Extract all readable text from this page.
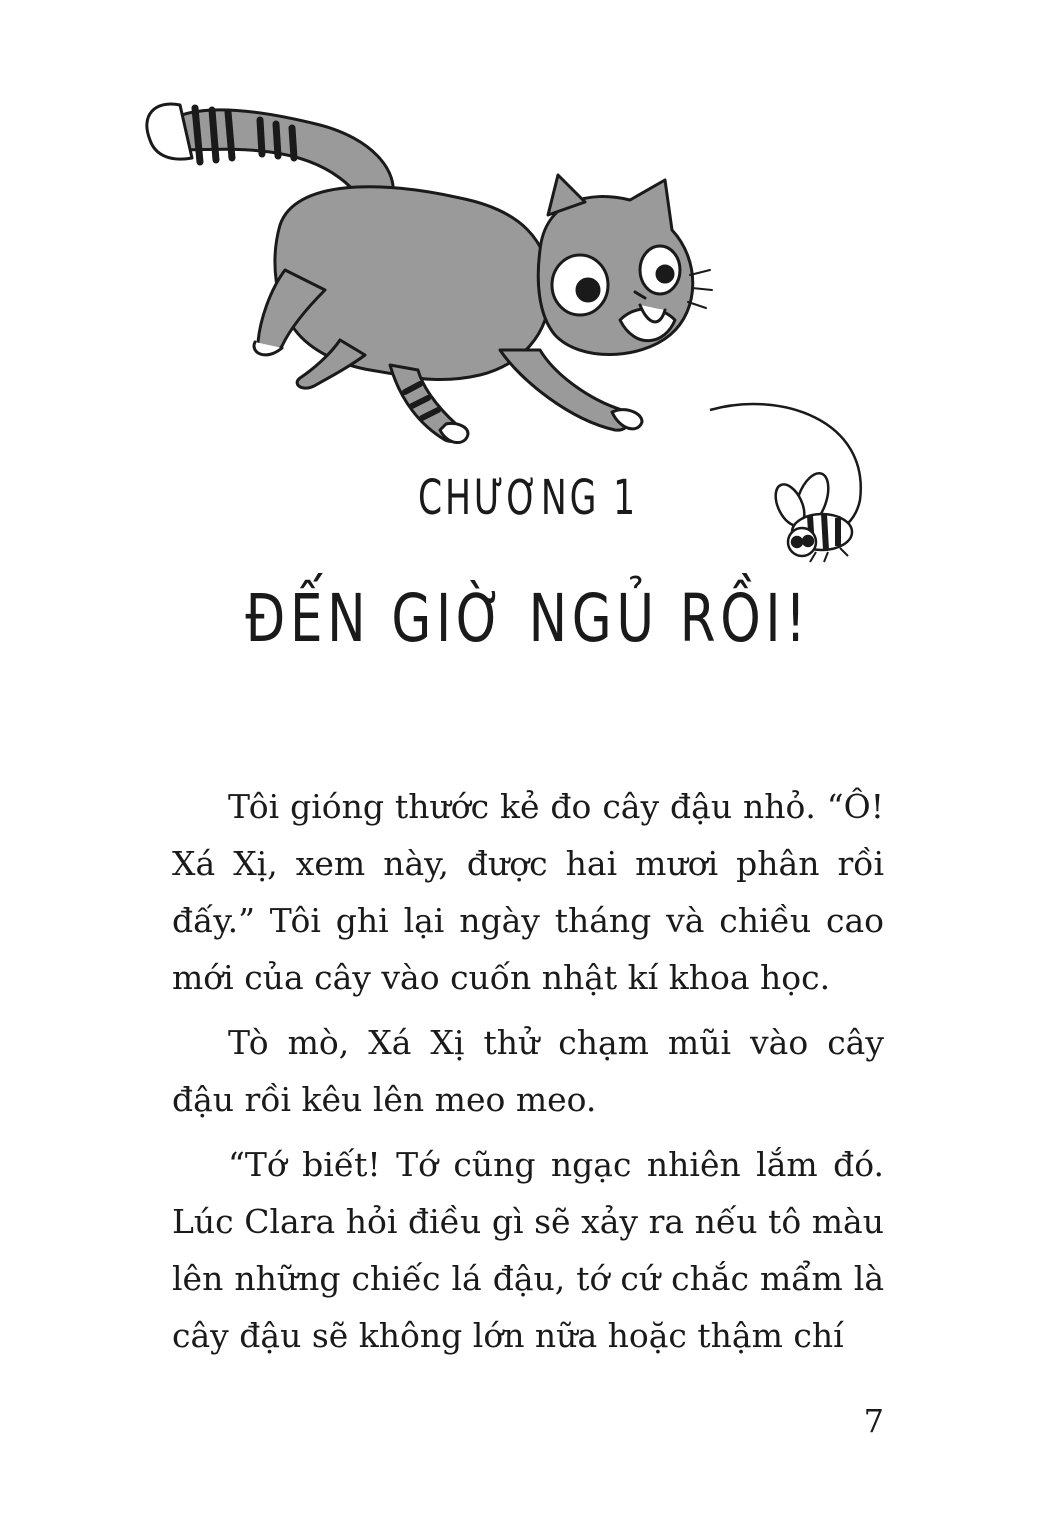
CHƯƠNG 1
ĐẾN GIỜ NGỦ RỒI!

Tôi gióng thước kẻ đo cây đậu nhỏ. “Ô! Xá Xị, xem này, được hai mươi phân rồi đấy.” Tôi ghi lại ngày tháng và chiều cao mới của cây vào cuốn nhật kí khoa học.

Tò mò, Xá Xị thử chạm mũi vào cây đậu rồi kêu lên meo meo.

“Tớ biết! Tớ cũng ngạc nhiên lắm đó. Lúc Clara hỏi điều gì sẽ xảy ra nếu tô màu lên những chiếc lá đậu, tớ cứ chắc mẩm là cây đậu sẽ không lớn nữa hoặc thậm chí

7
